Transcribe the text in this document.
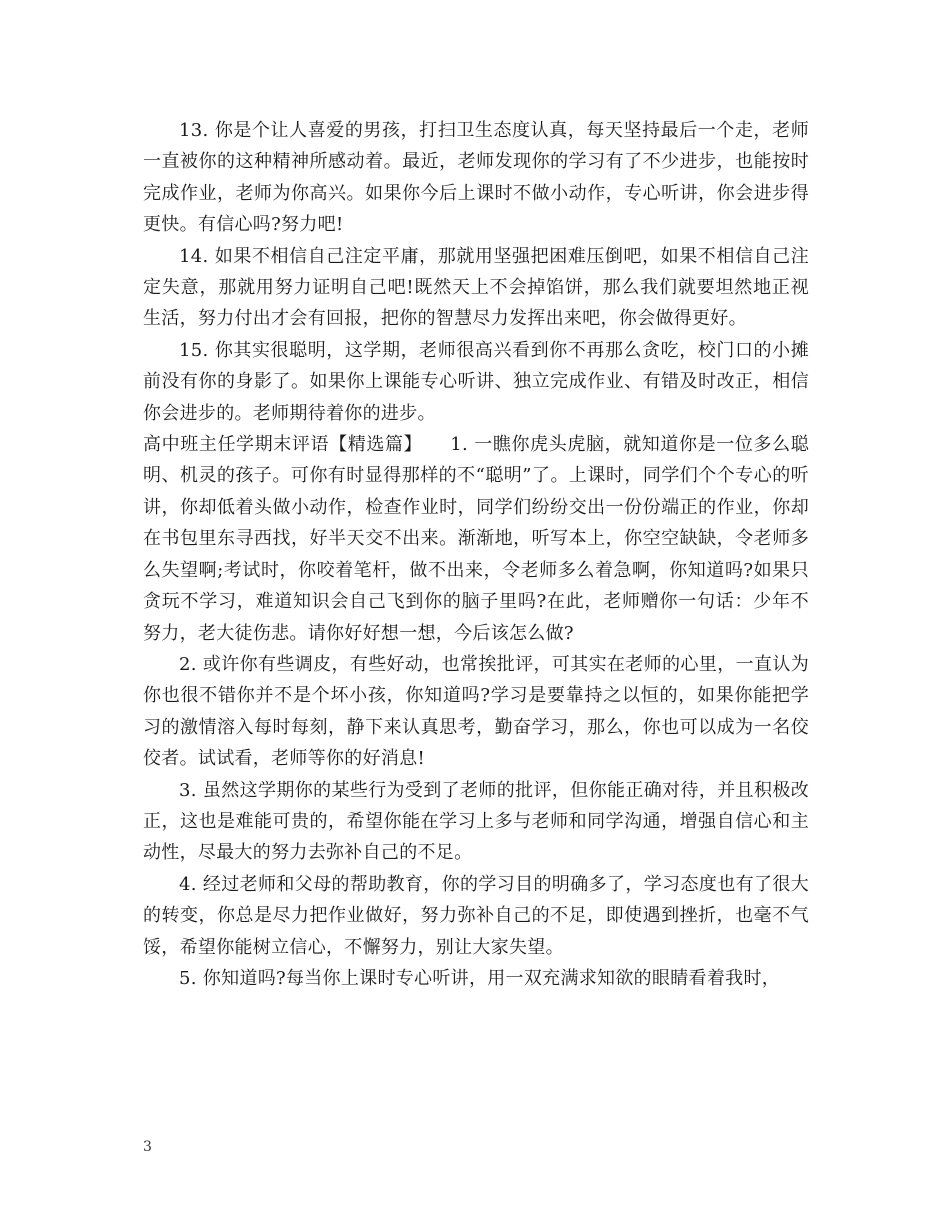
13. 你是个让人喜爱的男孩，打扫卫生态度认真，每天坚持最后一个走，老师一直被你的这种精神所感动着。最近，老师发现你的学习有了不少进步，也能按时完成作业，老师为你高兴。如果你今后上课时不做小动作，专心听讲，你会进步得更快。有信心吗?努力吧!

14. 如果不相信自己注定平庸，那就用坚强把困难压倒吧，如果不相信自己注定失意，那就用努力证明自己吧!既然天上不会掉馅饼，那么我们就要坦然地正视生活，努力付出才会有回报，把你的智慧尽力发挥出来吧，你会做得更好。

15. 你其实很聪明，这学期，老师很高兴看到你不再那么贪吃，校门口的小摊前没有你的身影了。如果你上课能专心听讲、独立完成作业、有错及时改正，相信你会进步的。老师期待着你的进步。

高中班主任学期末评语【精选篇】 1. 一瞧你虎头虎脑，就知道你是一位多么聪明、机灵的孩子。可你有时显得那样的不“聪明”了。上课时，同学们个个专心的听讲，你却低着头做小动作，检查作业时，同学们纷纷交出一份份端正的作业，你却在书包里东寻西找，好半天交不出来。渐渐地，听写本上，你空空缺缺，令老师多么失望啊;考试时，你咬着笔杆，做不出来，令老师多么着急啊，你知道吗?如果只贪玩不学习，难道知识会自己飞到你的脑子里吗?在此，老师赠你一句话：少年不努力，老大徒伤悲。请你好好想一想，今后该怎么做?

2. 或许你有些调皮，有些好动，也常挨批评，可其实在老师的心里，一直认为你也很不错你并不是个坏小孩，你知道吗?学习是要靠持之以恒的，如果你能把学习的激情溶入每时每刻，静下来认真思考，勤奋学习，那么，你也可以成为一名佼佼者。试试看，老师等你的好消息!

3. 虽然这学期你的某些行为受到了老师的批评，但你能正确对待，并且积极改正，这也是难能可贵的，希望你能在学习上多与老师和同学沟通，增强自信心和主动性，尽最大的努力去弥补自己的不足。

4. 经过老师和父母的帮助教育，你的学习目的明确多了，学习态度也有了很大的转变，你总是尽力把作业做好，努力弥补自己的不足，即使遇到挫折，也毫不气馁，希望你能树立信心，不懈努力，别让大家失望。

5. 你知道吗?每当你上课时专心听讲，用一双充满求知欲的眼睛看着我时，

3
